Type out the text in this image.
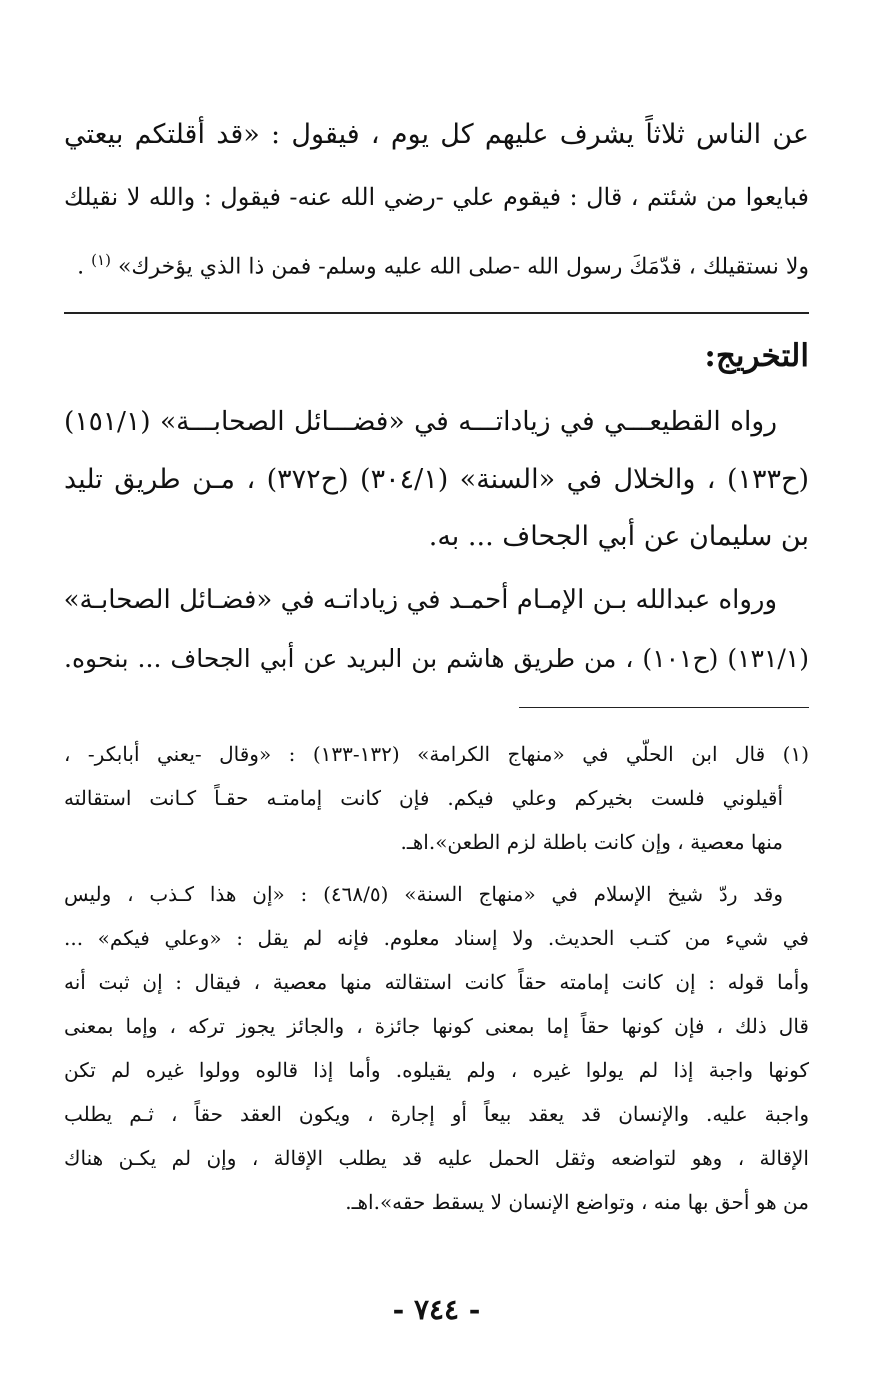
عن الناس ثلاثاً يشرف عليهم كل يوم ، فيقول : «قد أقلتكم بيعتي
فبايعوا من شئتم ، قال : فيقوم علي -رضي الله عنه- فيقول : والله لا نقيلك
ولا نستقيلك ، قدّمَكَ رسول الله -صلى الله عليه وسلم- فمن ذا الذي يؤخرك» $^{(١)}$ .
التخريج:
رواه القطيعـــي في زياداتـــه في «فضـــائل الصحابـــة» (١٥١/١)
(ح١٣٣) ، والخلال في «السنة» (٣٠٤/١) (ح٣٧٢) ، مـن طريق تليد
بن سليمان عن أبي الجحاف ... به.
ورواه عبدالله بـن الإمـام أحمـد في زياداتـه في «فضـائل الصحابـة»
(١٣١/١) (ح١٠١) ، من طريق هاشم بن البريد عن أبي الجحاف ... بنحوه.
(١) قال ابن الحلّي في «منهاج الكرامة» (١٣٢-١٣٣) : «وقال -يعني أبابكر- ،
أقيلوني فلست بخيركم وعلي فيكم. فإن كانت إمامتـه حقـاً كـانت استقالته
منها معصية ، وإن كانت باطلة لزم الطعن».اهـ.
وقد ردّ شيخ الإسلام في «منهاج السنة» (٤٦٨/٥) : «إن هذا كـذب ، وليس
في شيء من كتـب الحديث. ولا إسناد معلوم. فإنه لم يقل : «وعلي فيكم» ...
وأما قوله : إن كانت إمامته حقاً كانت استقالته منها معصية ، فيقال : إن ثبت أنه
قال ذلك ، فإن كونها حقاً إما بمعنى كونها جائزة ، والجائز يجوز تركه ، وإما بمعنى
كونها واجبة إذا لم يولوا غيره ، ولم يقيلوه. وأما إذا قالوه وولوا غيره لم تكن
واجبة عليه. والإنسان قد يعقد بيعاً أو إجارة ، ويكون العقد حقاً ، ثـم يطلب
الإقالة ، وهو لتواضعه وثقل الحمل عليه قد يطلب الإقالة ، وإن لم يكـن هناك
من هو أحق بها منه ، وتواضع الإنسان لا يسقط حقه».اهـ.
- ٧٤٤ -
